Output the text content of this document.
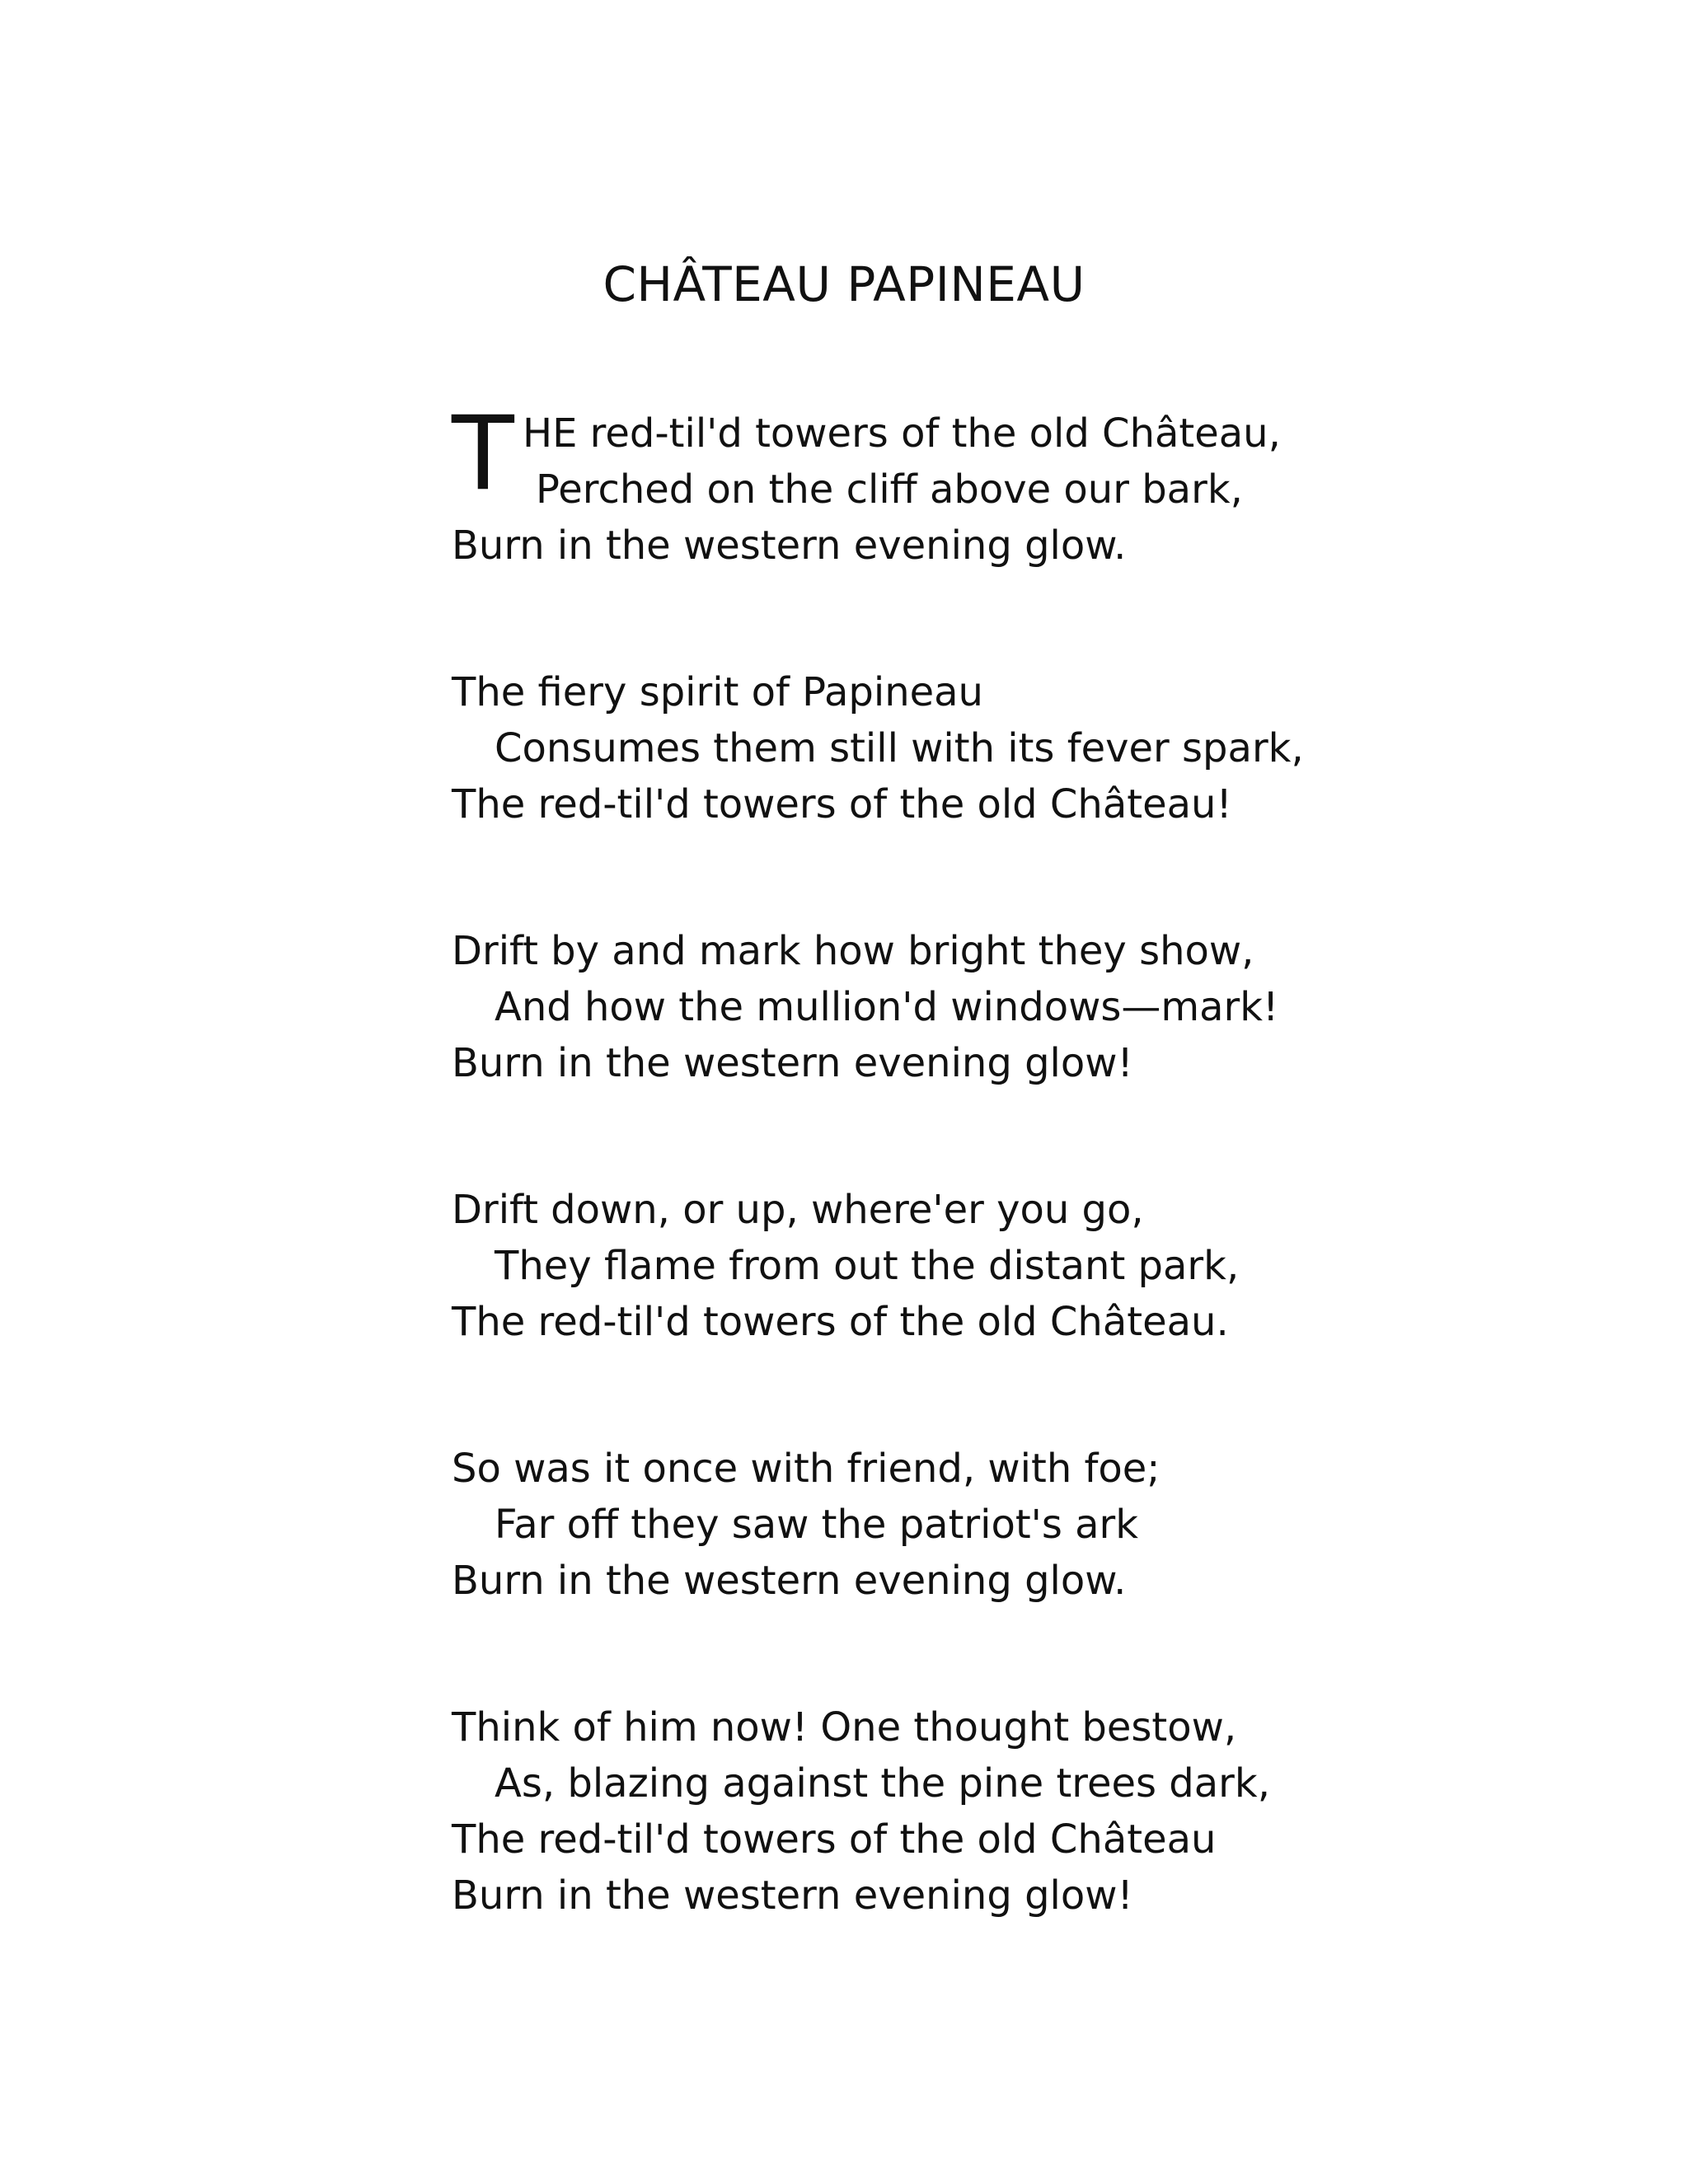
CHÂTEAU PAPINEAU
T HE red-til'd towers of the old Château,
Perched on the cliff above our bark,
Burn in the western evening glow.
The fiery spirit of Papineau
Consumes them still with its fever spark,
The red-til'd towers of the old Château!
Drift by and mark how bright they show,
And how the mullion'd windows—mark!
Burn in the western evening glow!
Drift down, or up, where'er you go,
They flame from out the distant park,
The red-til'd towers of the old Château.
So was it once with friend, with foe;
Far off they saw the patriot's ark
Burn in the western evening glow.
Think of him now! One thought bestow,
As, blazing against the pine trees dark,
The red-til'd towers of the old Château
Burn in the western evening glow!
